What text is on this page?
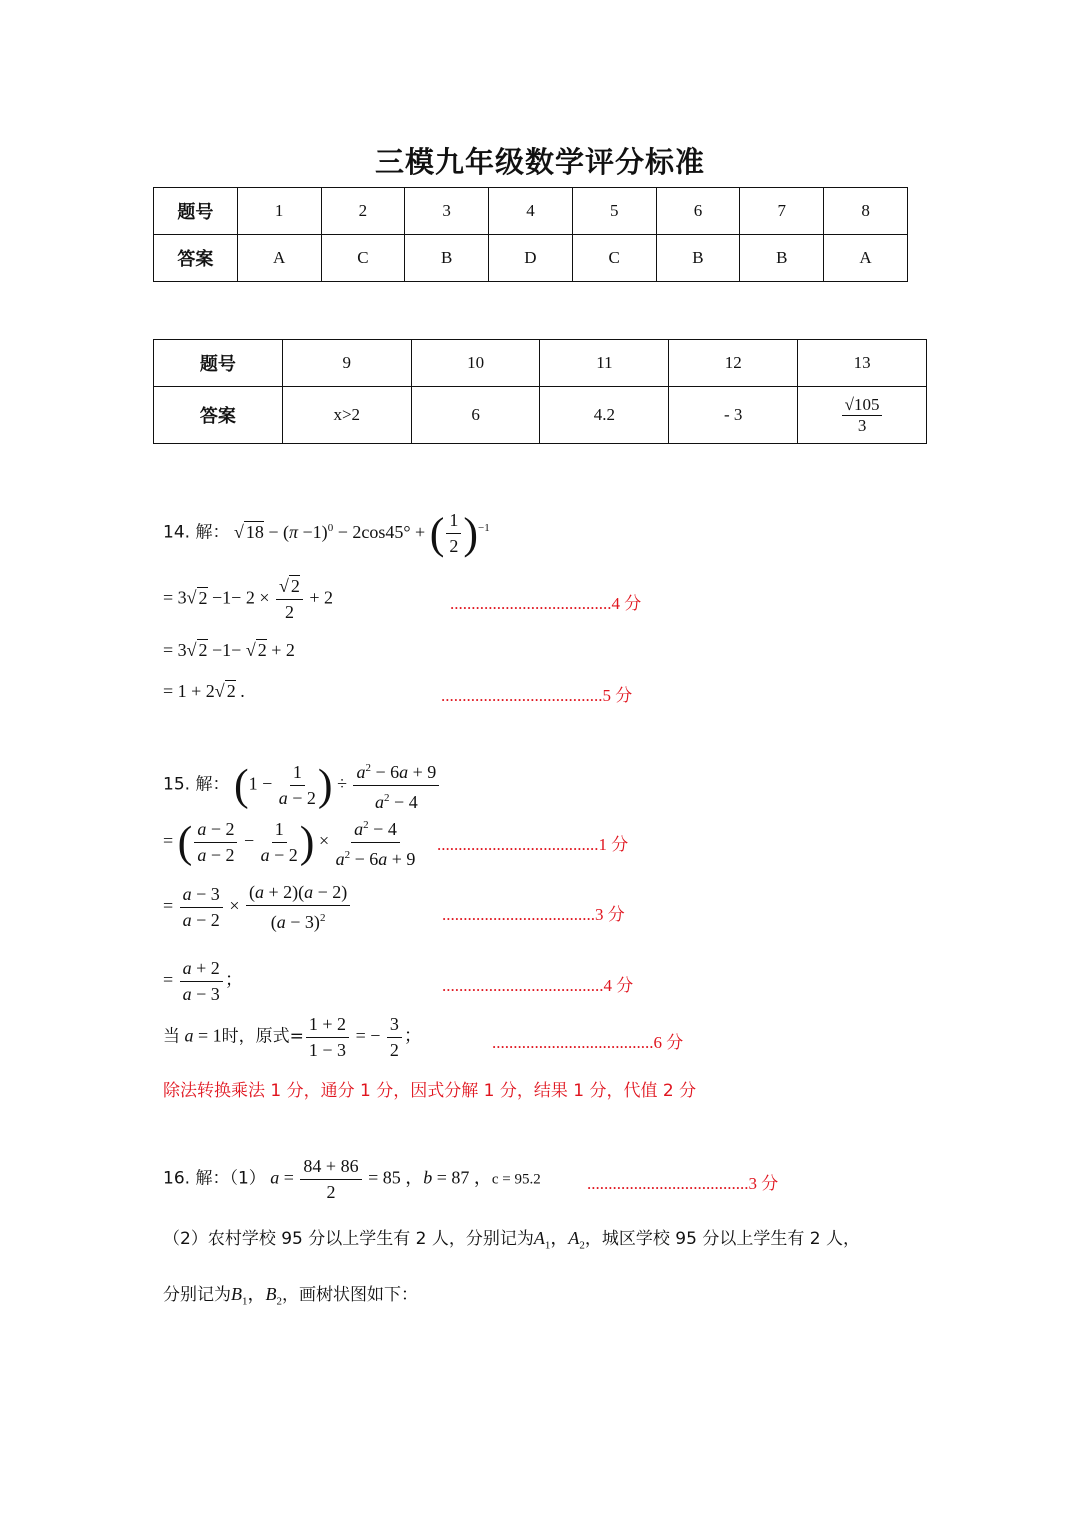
三模九年级数学评分标准
题号	1	2	3	4	5	6	7	8
答案	A	C	B	D	C	B	B	A
题号	9	10	11	12	13
答案	x>2	6	4.2	- 3	$\frac{√105}{3}$
14. 解： √ $18 - (\pi -1)^0 - 2\cos 45^\circ$ + ( $\frac{1}{2} )^{-1}$
= 3√ $2 -1- 2 \times \frac{√ 2}{2} + 2$	......................................4 分
= 3√ 2 −1− √ 2 + 2
= 1 + 2√ 2 .	......................................5 分
15. 解： ($1 - \frac{1}{a - 2}$ ) ÷ $\frac{a^2 - 6a + 9}{a^2 - 4}$
= ( $\frac{a - 2}{a - 2} - \frac{1}{a - 2}$ ) × $\frac{a^2 - 4}{a^2 - 6a + 9} ......................................1$ 分
= $\frac{a - 3}{a - 2} \times \frac{(a + 2)(a - 2)}{(a - 3)^2}$	....................................3 分
= $\frac{a + 2}{a - 3}$ ；	......................................4 分
当 a = 1时，原式= $\frac{1 + 2}{1 - 3}$ = − $\frac{3}{2}$ ；	......................................6 分
除法转换乘法 1 分，通分 1 分，因式分解 1 分，结果 1 分，代值 2 分
16. 解：（1） $a = \frac{84 + 86}{2} = 85$ ，b = 87 ，c = 95.2	......................................3 分
（2）农村学校 95 分以上学生有 2 人，分别记为$A_1$，$A_2$，城区学校 95 分以上学生有 2 人，
分别记为$B_1$，$B_2$，画树状图如下：
